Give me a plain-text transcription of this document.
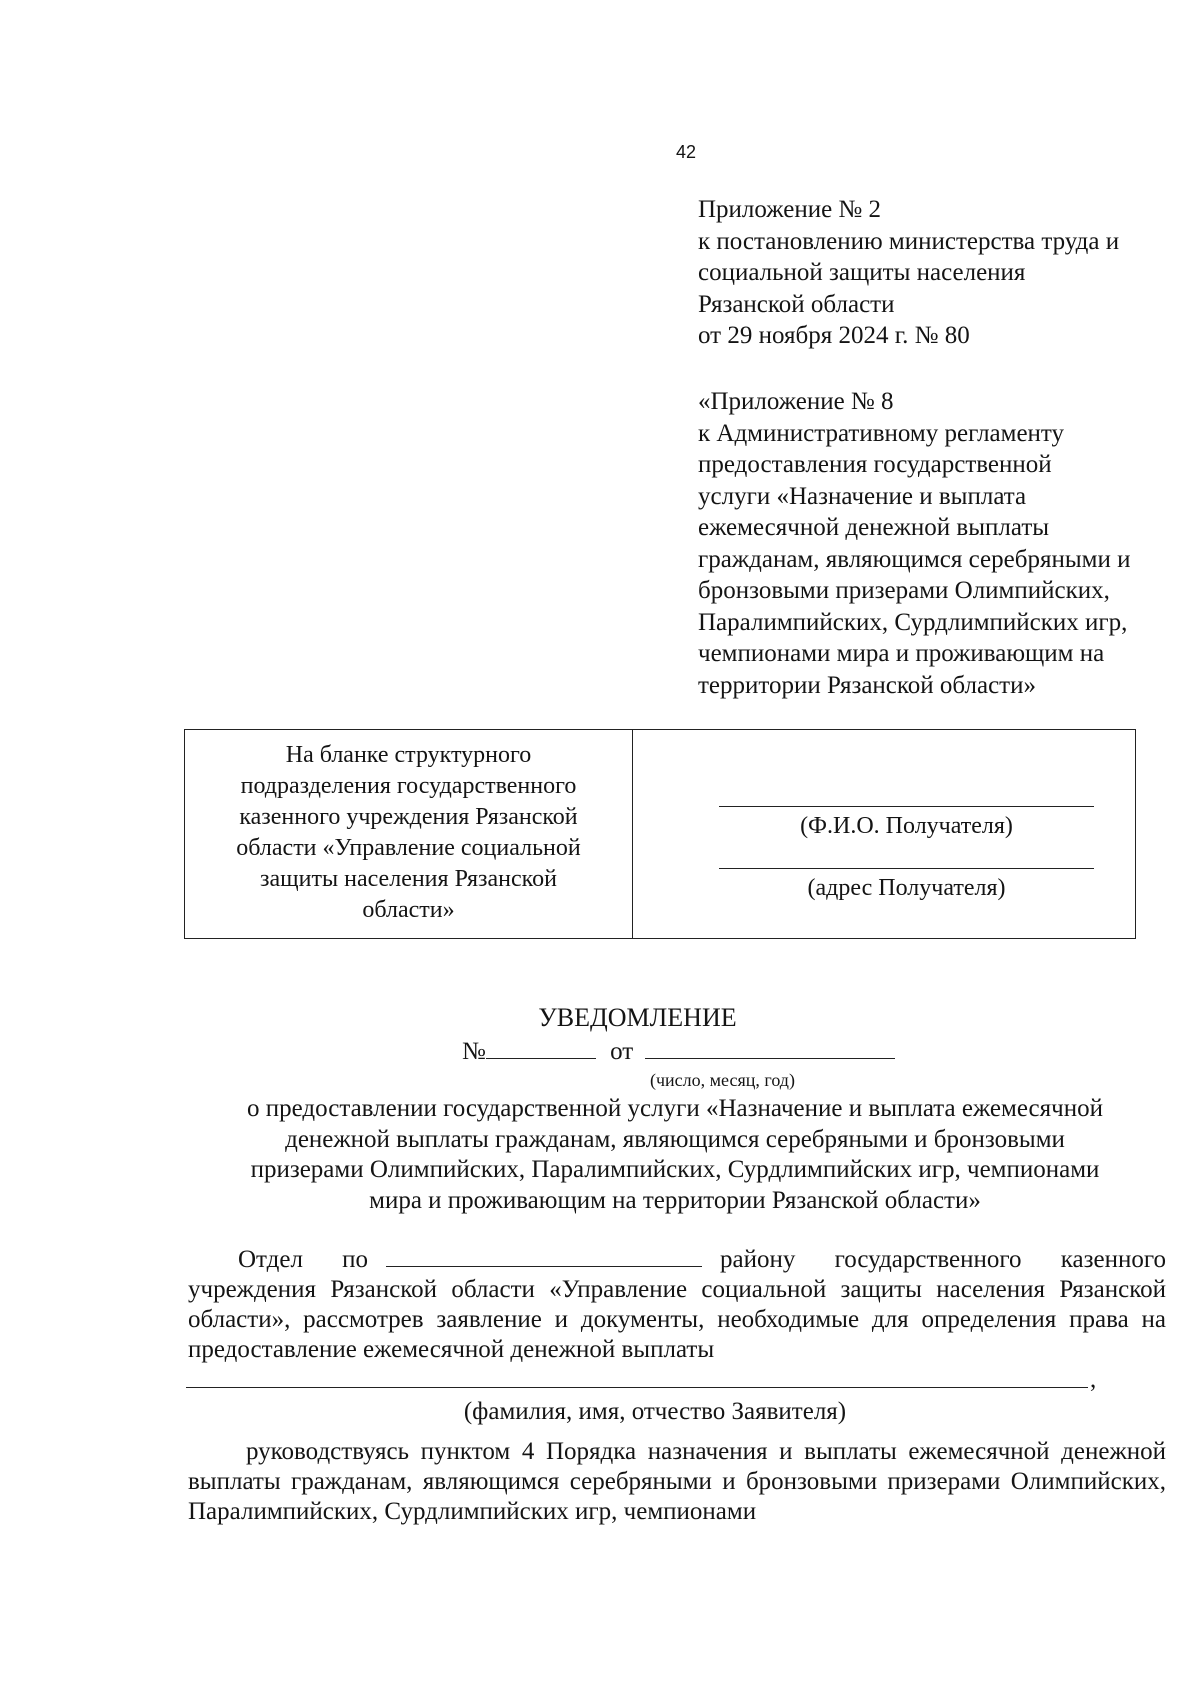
42
Приложение № 2
к постановлению министерства труда и
социальной защиты населения
Рязанской области
от 29 ноября 2024 г. № 80
«Приложение № 8
к Административному регламенту
предоставления государственной
услуги «Назначение и выплата
ежемесячной денежной выплаты
гражданам, являющимся серебряными и
бронзовыми призерами Олимпийских,
Паралимпийских, Сурдлимпийских игр,
чемпионами мира и проживающим на
территории Рязанской области»
На бланке структурного
подразделения государственного
казенного учреждения Рязанской
области «Управление социальной
защиты населения Рязанской
области»
(Ф.И.О. Получателя)
(адрес Получателя)
УВЕДОМЛЕНИЕ
№	от
(число, месяц, год)
о предоставлении государственной услуги «Назначение и выплата ежемесячной
денежной выплаты гражданам, являющимся серебряными и бронзовыми
призерами Олимпийских, Паралимпийских, Сурдлимпийских игр, чемпионами
мира и проживающим на территории Рязанской области»
Отдел по	району государственного казенного учреждения Рязанской области «Управление социальной защиты населения Рязанской области», рассмотрев заявление и документы, необходимые для определения права на предоставление ежемесячной денежной выплаты
,
(фамилия, имя, отчество Заявителя)
руководствуясь пунктом 4 Порядка назначения и выплаты ежемесячной денежной выплаты гражданам, являющимся серебряными и бронзовыми призерами Олимпийских, Паралимпийских, Сурдлимпийских игр, чемпионами
